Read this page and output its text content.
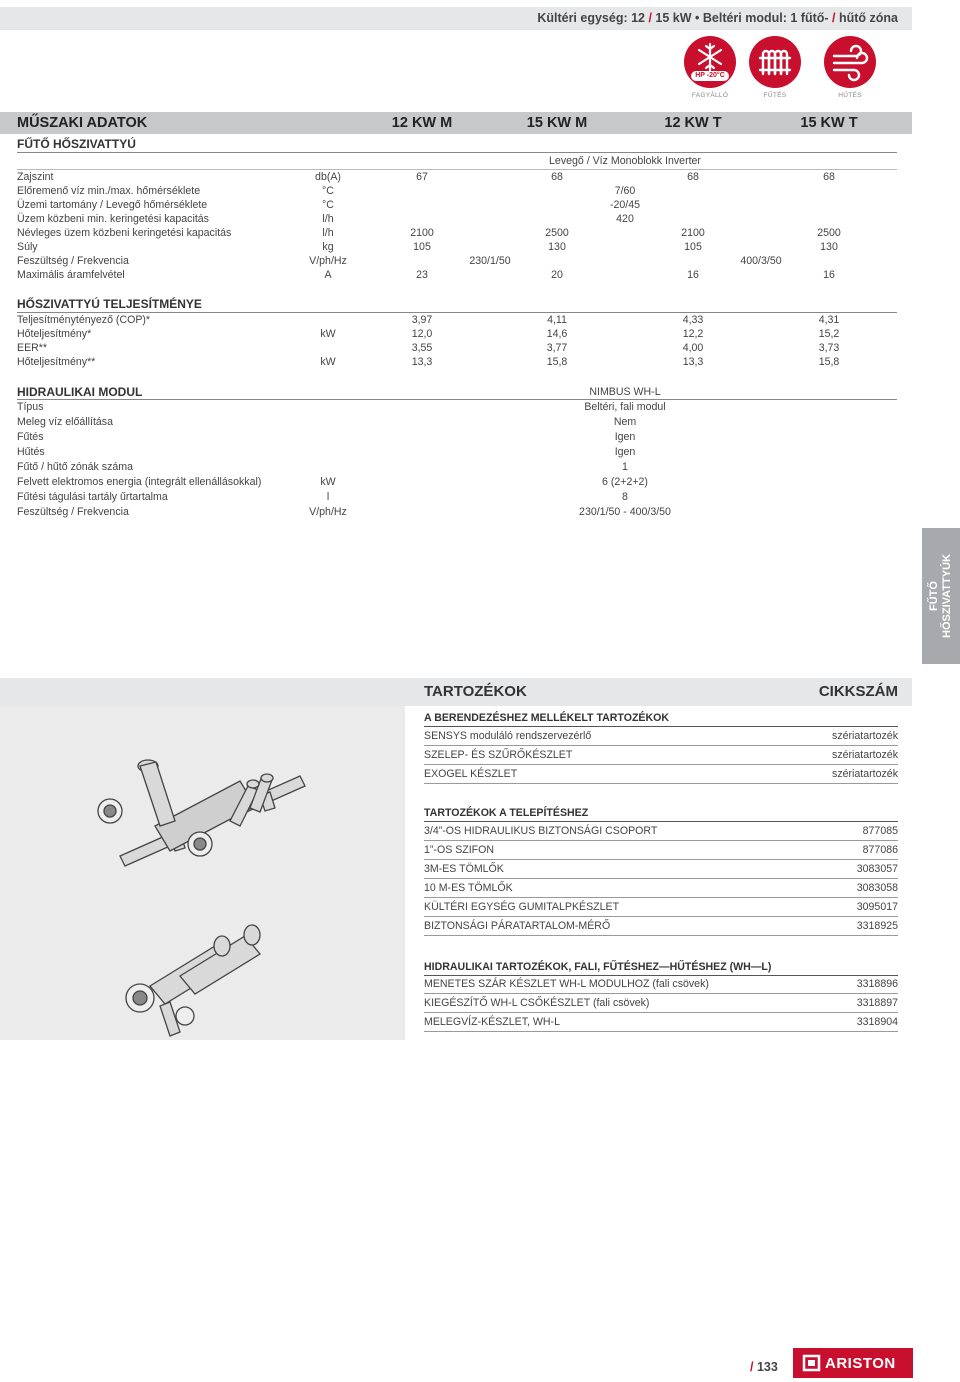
Kültéri egység: 12 / 15 kW • Beltéri modul: 1 fűtő- / hűtő zóna
HP -20°C
FAGYÁLLÓ	FŰTÉS	HŰTÉS
MŰSZAKI ADATOK	12 KW M	15 KW M	12 KW T	15 KW T
FŰTŐ HŐSZIVATTYÚ
Levegő / Víz Monoblokk Inverter
Zajszint	db(A)	67	68	68	68
Előremenő víz min./max. hőmérséklete	°C	7/60
Üzemi tartomány / Levegő hőmérséklete	°C	-20/45
Üzem közbeni min. keringetési kapacitás	l/h	420
Névleges üzem közbeni keringetési kapacitás	l/h	2100	2500	2100	2500
Súly	kg	105	130	105	130
Feszültség / Frekvencia	V/ph/Hz	230/1/50	400/3/50
Maximális áramfelvétel	A	23	20	16	16
HŐSZIVATTYÚ TELJESÍTMÉNYE
Teljesítménytényező (COP)*	3,97	4,11	4,33	4,31
Hőteljesítmény*	kW	12,0	14,6	12,2	15,2
EER**	3,55	3,77	4,00	3,73
Hőteljesítmény**	kW	13,3	15,8	13,3	15,8
HIDRAULIKAI MODUL	NIMBUS WH-L
Típus	Beltéri, fali modul
Meleg víz előállítása	Nem
Fűtés	Igen
Hűtés	Igen
Fűtő / hűtő zónák száma	1
Felvett elektromos energia (integrált ellenállásokkal)	kW	6 (2+2+2)
Fűtési tágulási tartály űrtartalma	l	8
Feszültség / Frekvencia	V/ph/Hz	230/1/50 - 400/3/50
FŰTŐ HŐSZIVATTYÚK
TARTOZÉKOK	CIKKSZÁM
A BERENDEZÉSHEZ MELLÉKELT TARTOZÉKOK
SENSYS moduláló rendszervezérlő	szériatartozék
SZELEP- ÉS SZŰRŐKÉSZLET	szériatartozék
EXOGEL KÉSZLET	szériatartozék
TARTOZÉKOK A TELEPÍTÉSHEZ
3/4”-OS HIDRAULIKUS BIZTONSÁGI CSOPORT	877085
1”-OS SZIFON	877086
3M-ES TÖMLŐK	3083057
10 M-ES TÖMLŐK	3083058
KÜLTÉRI EGYSÉG GUMITALPKÉSZLET	3095017
BIZTONSÁGI PÁRATARTALOM-MÉRŐ	3318925
HIDRAULIKAI TARTOZÉKOK, FALI, FŰTÉSHEZ—HŰTÉSHEZ (WH—L)
MENETES SZÁR KÉSZLET WH-L MODULHOZ (fali csövek)	3318896
KIEGÉSZÍTŐ WH-L CSŐKÉSZLET (fali csövek)	3318897
MELEGVÍZ-KÉSZLET, WH-L	3318904
/ 133	ARISTON
